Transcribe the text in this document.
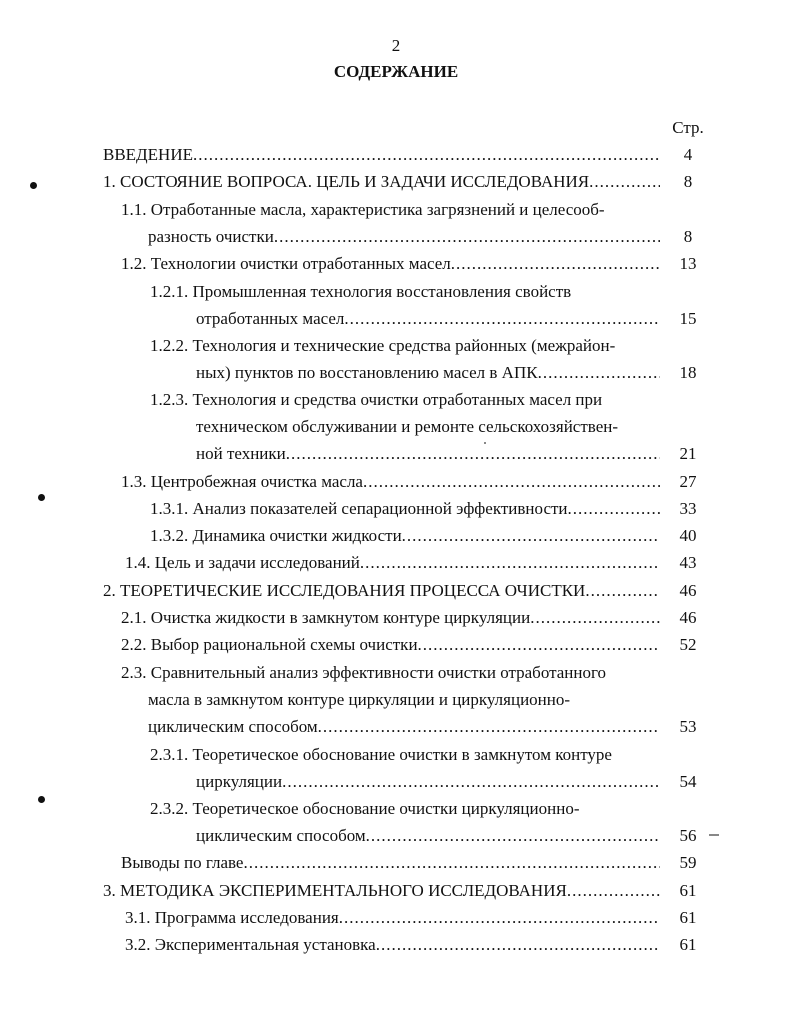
2
СОДЕРЖАНИЕ
Стр.
ВВЕДЕНИЕ .....	4
1. СОСТОЯНИЕ ВОПРОСА. ЦЕЛЬ И ЗАДАЧИ ИССЛЕДОВАНИЯ .....	8
1.1. Отработанные масла, характеристика загрязнений и целесооб-
разность очистки .....	8
1.2. Технологии очистки отработанных масел .....	13
1.2.1. Промышленная технология восстановления свойств
отработанных масел .....	15
1.2.2. Технология и технические средства районных (межрайон-
ных) пунктов по восстановлению масел в АПК .....	18
1.2.3. Технология и средства очистки отработанных масел при
техническом обслуживании и ремонте сельскохозяйствен-
ной техники .....	21
1.3. Центробежная очистка масла .....	27
1.3.1. Анализ показателей сепарационной эффективности .....	33
1.3.2. Динамика очистки жидкости .....	40
1.4. Цель и задачи исследований .....	43
2. ТЕОРЕТИЧЕСКИЕ ИССЛЕДОВАНИЯ ПРОЦЕССА ОЧИСТКИ .....	46
2.1. Очистка жидкости в замкнутом контуре циркуляции .....	46
2.2. Выбор рациональной схемы очистки .....	52
2.3. Сравнительный анализ эффективности очистки отработанного
масла в замкнутом контуре циркуляции и циркуляционно-
циклическим способом .....	53
2.3.1. Теоретическое обоснование очистки в замкнутом контуре
циркуляции .....	54
2.3.2. Теоретическое обоснование очистки циркуляционно-
циклическим способом .....	56
Выводы по главе .....	59
3. МЕТОДИКА ЭКСПЕРИМЕНТАЛЬНОГО ИССЛЕДОВАНИЯ .....	61
3.1. Программа исследования .....	61
3.2. Экспериментальная установка .....	61
